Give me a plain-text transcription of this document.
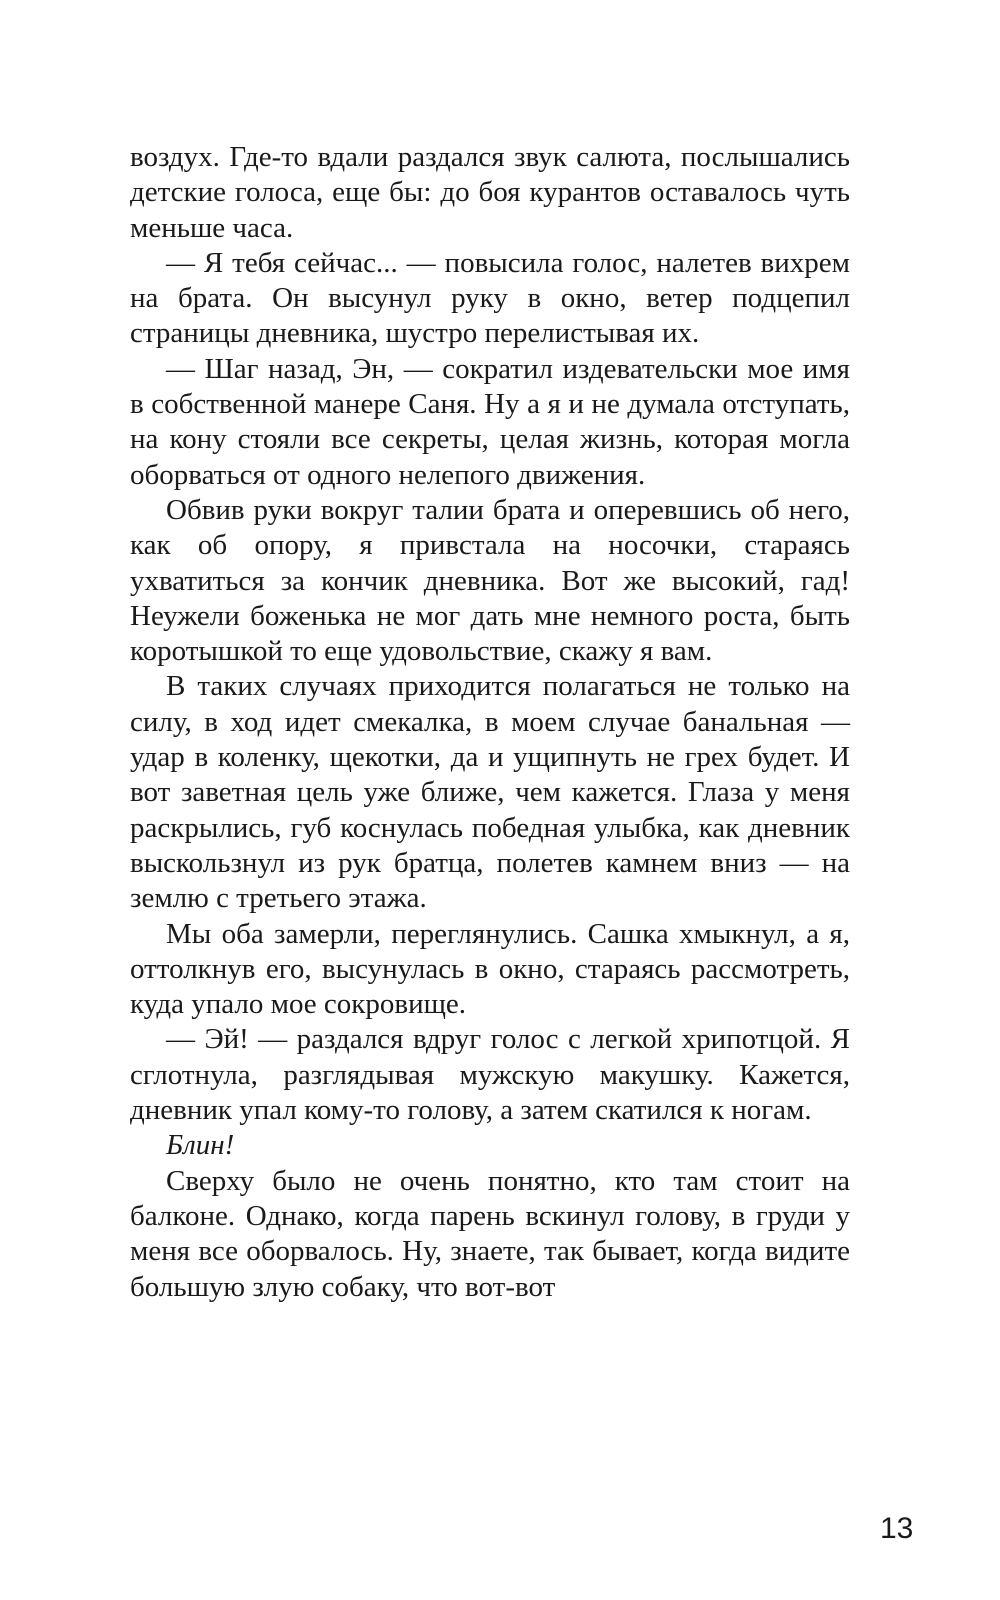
воздух. Где-то вдали раздался звук салюта, послышались детские голоса, еще бы: до боя курантов оставалось чуть меньше часа.

— Я тебя сейчас... — повысила голос, налетев вихрем на брата. Он высунул руку в окно, ветер подцепил страницы дневника, шустро перелистывая их.

— Шаг назад, Эн, — сократил издевательски мое имя в собственной манере Саня. Ну а я и не думала отступать, на кону стояли все секреты, целая жизнь, которая могла оборваться от одного нелепого движения.

Обвив руки вокруг талии брата и оперевшись об него, как об опору, я привстала на носочки, стараясь ухватиться за кончик дневника. Вот же высокий, гад! Неужели боженька не мог дать мне немного роста, быть коротышкой то еще удовольствие, скажу я вам.

В таких случаях приходится полагаться не только на силу, в ход идет смекалка, в моем случае банальная — удар в коленку, щекотки, да и ущипнуть не грех будет. И вот заветная цель уже ближе, чем кажется. Глаза у меня раскрылись, губ коснулась победная улыбка, как дневник выскользнул из рук братца, полетев камнем вниз — на землю с третьего этажа.

Мы оба замерли, переглянулись. Сашка хмыкнул, а я, оттолкнув его, высунулась в окно, стараясь рассмотреть, куда упало мое сокровище.

— Эй! — раздался вдруг голос с легкой хрипотцой. Я сглотнула, разглядывая мужскую макушку. Кажется, дневник упал кому-то голову, а затем скатился к ногам.

Блин!

Сверху было не очень понятно, кто там стоит на балконе. Однако, когда парень вскинул голову, в груди у меня все оборвалось. Ну, знаете, так бывает, когда видите большую злую собаку, что вот-вот

13
